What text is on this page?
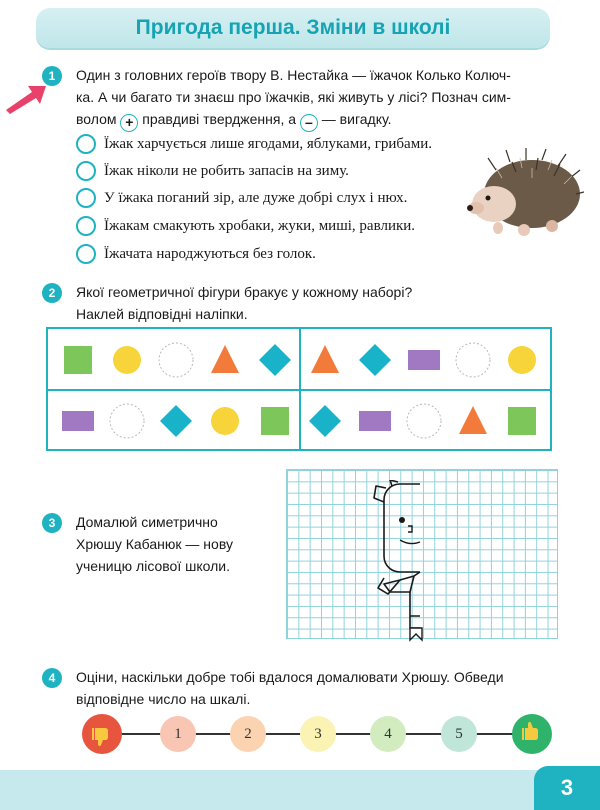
Пригода перша. Зміни в школі
1	Один з головних героїв твору В. Нестайка — їжачок Колько Колюч-
ка. А чи багато ти знаєш про їжачків, які живуть у лісі? Познач сим-
волом + правдиві твердження, а – — вигадку.
Їжак харчується лише ягодами, яблуками, грибами.
Їжак ніколи не робить запасів на зиму.
У їжака поганий зір, але дуже добрі слух і нюх.
Їжакам смакують хробаки, жуки, миші, равлики.
Їжачата народжуються без голок.
2	Якої геометричної фігури бракує у кожному наборі?
Наклей відповідні наліпки.
3	Домалюй симетрично
Хрюшу Кабанюк — нову
ученицю лісової школи.
4	Оціни, наскільки добре тобі вдалося домалювати Хрюшу. Обведи
відповідне число на шкалі.
1	2	3	4	5
3
